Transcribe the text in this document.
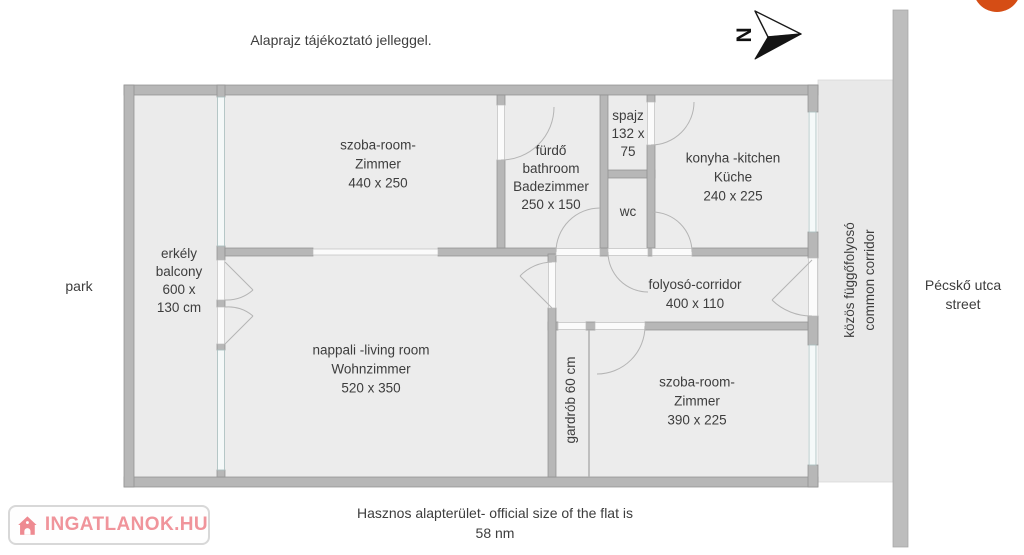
Alaprajz tájékoztató jelleggel.	N
szoba-room-
Zimmer
440 x 250
fürdő
bathroom
Badezimmer
250 x 150
spajz
132 x
75
wc
konyha -kitchen
Küche
240 x 225
erkély
balcony
600 x
130 cm
folyosó-corridor
400 x 110
nappali -living room
Wohnzimmer
520 x 350	gardrób 60 cm	szoba-room-
Zimmer
390 x 225
közös függőfolyosó common corridor
park	Pécskő utca
street
Hasznos alapterület- official size of the flat is
58 nm
INGATLANOK.HU
